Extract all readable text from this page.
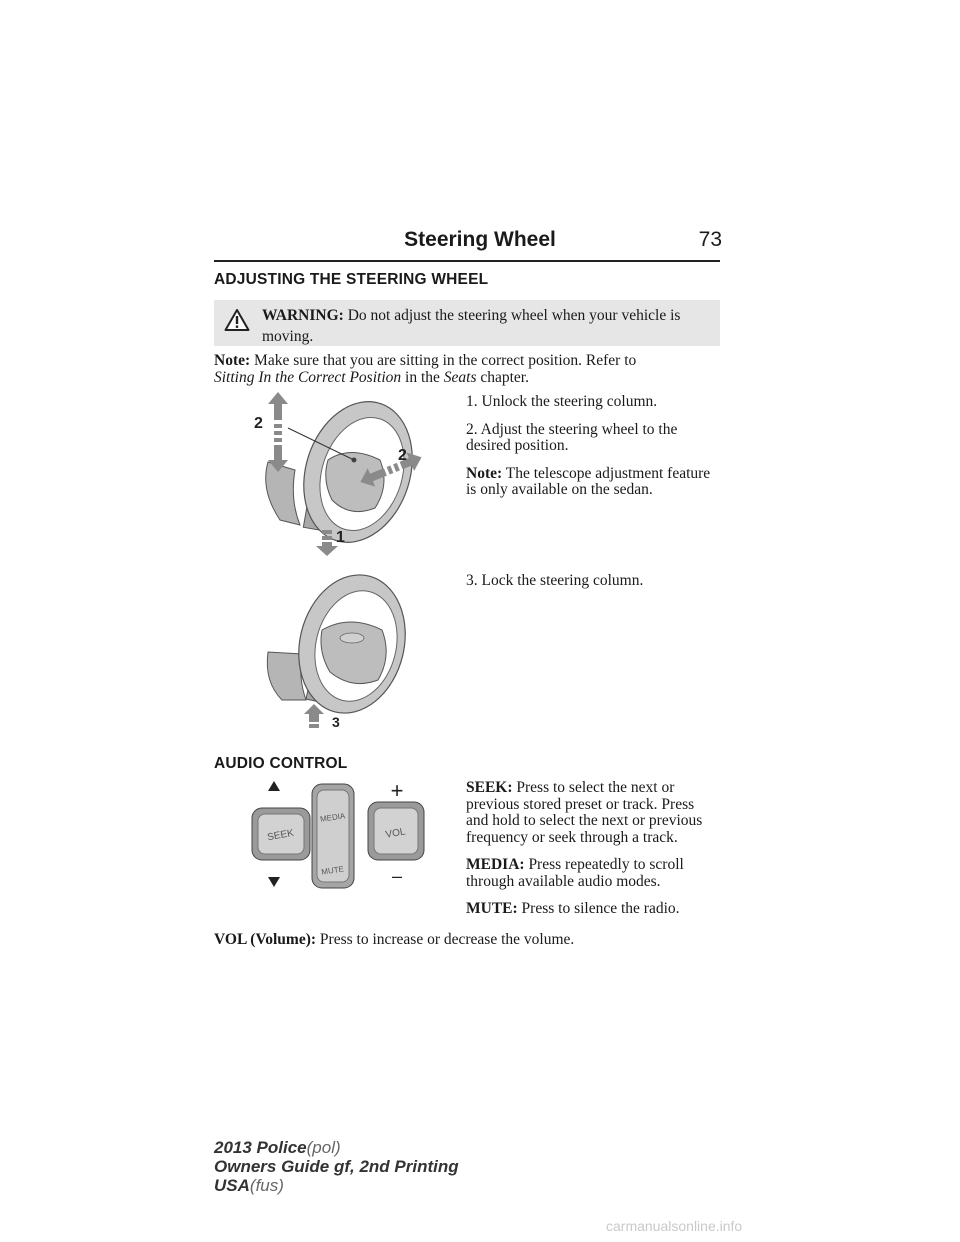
Steering Wheel	73
ADJUSTING THE STEERING WHEEL
WARNING: Do not adjust the steering wheel when your vehicle is moving.
Note: Make sure that you are sitting in the correct position. Refer to
Sitting In the Correct Position in the Seats chapter.
2
2
1

1. Unlock the steering column.

2. Adjust the steering wheel to the desired position.

Note: The telescope adjustment feature is only available on the sedan.

3
3. Lock the steering column.
AUDIO CONTROL
SEEK
MEDIA
MUTE
VOL
+
–

SEEK: Press to select the next or previous stored preset or track. Press and hold to select the next or previous frequency or seek through a track.

MEDIA: Press repeatedly to scroll through available audio modes.

MUTE: Press to silence the radio.

VOL (Volume): Press to increase or decrease the volume.
2013 Police(pol)
Owners Guide gf, 2nd Printing
USA(fus)
carmanualsonline.info
